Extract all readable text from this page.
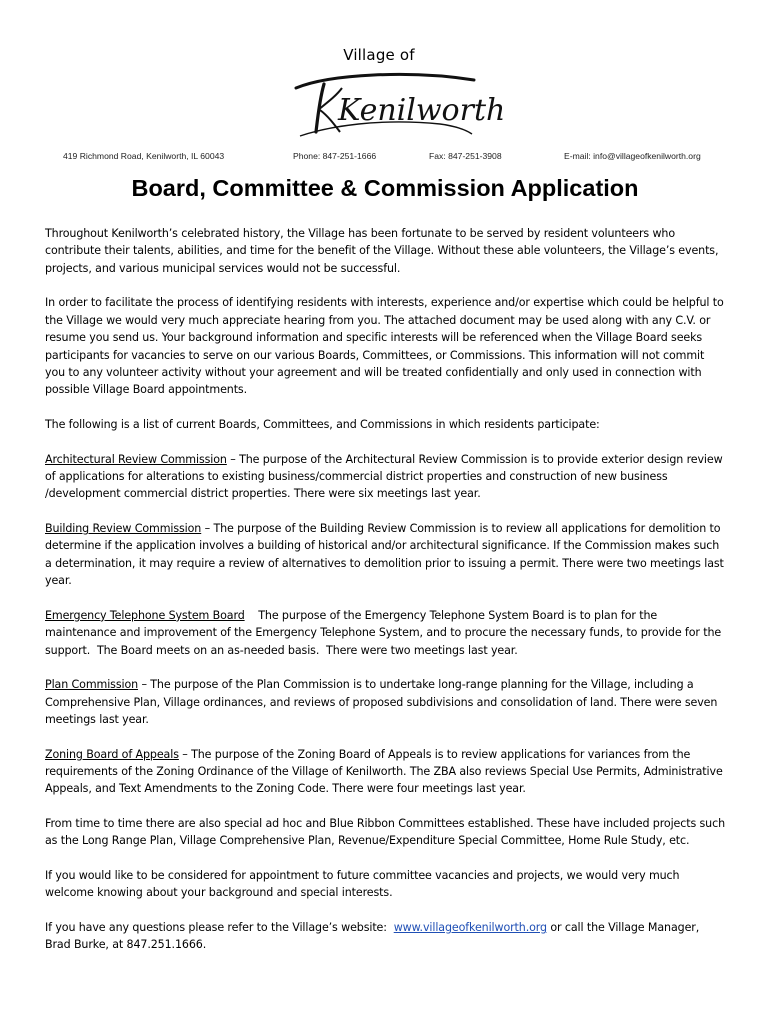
Village of
Kenilworth
419 Richmond Road, Kenilworth, IL 60043	Phone: 847-251-1666	Fax: 847-251-3908	E-mail: info@villageofkenilworth.org
Board, Committee & Commission Application

Throughout Kenilworth’s celebrated history, the Village has been fortunate to be served by resident volunteers who contribute their talents, abilities, and time for the benefit of the Village. Without these able volunteers, the Village’s events, projects, and various municipal services would not be successful.

In order to facilitate the process of identifying residents with interests, experience and/or expertise which could be helpful to the Village we would very much appreciate hearing from you. The attached document may be used along with any C.V. or resume you send us. Your background information and specific interests will be referenced when the Village Board seeks participants for vacancies to serve on our various Boards, Committees, or Commissions. This information will not commit you to any volunteer activity without your agreement and will be treated confidentially and only used in connection with possible Village Board appointments.

The following is a list of current Boards, Committees, and Commissions in which residents participate:

Architectural Review Commission – The purpose of the Architectural Review Commission is to provide exterior design review of applications for alterations to existing business/commercial district properties and construction of new business /development commercial district properties. There were six meetings last year.

Building Review Commission – The purpose of the Building Review Commission is to review all applications for demolition to determine if the application involves a building of historical and/or architectural significance. If the Commission makes such a determination, it may require a review of alternatives to demolition prior to issuing a permit. There were two meetings last year.

Emergency Telephone System Board    The purpose of the Emergency Telephone System Board is to plan for the maintenance and improvement of the Emergency Telephone System, and to procure the necessary funds, to provide for the support.  The Board meets on an as-needed basis.  There were two meetings last year.

Plan Commission – The purpose of the Plan Commission is to undertake long-range planning for the Village, including a Comprehensive Plan, Village ordinances, and reviews of proposed subdivisions and consolidation of land. There were seven meetings last year.

Zoning Board of Appeals – The purpose of the Zoning Board of Appeals is to review applications for variances from the requirements of the Zoning Ordinance of the Village of Kenilworth. The ZBA also reviews Special Use Permits, Administrative Appeals, and Text Amendments to the Zoning Code. There were four meetings last year.

From time to time there are also special ad hoc and Blue Ribbon Committees established. These have included projects such as the Long Range Plan, Village Comprehensive Plan, Revenue/Expenditure Special Committee, Home Rule Study, etc.

If you would like to be considered for appointment to future committee vacancies and projects, we would very much welcome knowing about your background and special interests.

If you have any questions please refer to the Village’s website:  www.villageofkenilworth.org or call the Village Manager, Brad Burke, at 847.251.1666.
